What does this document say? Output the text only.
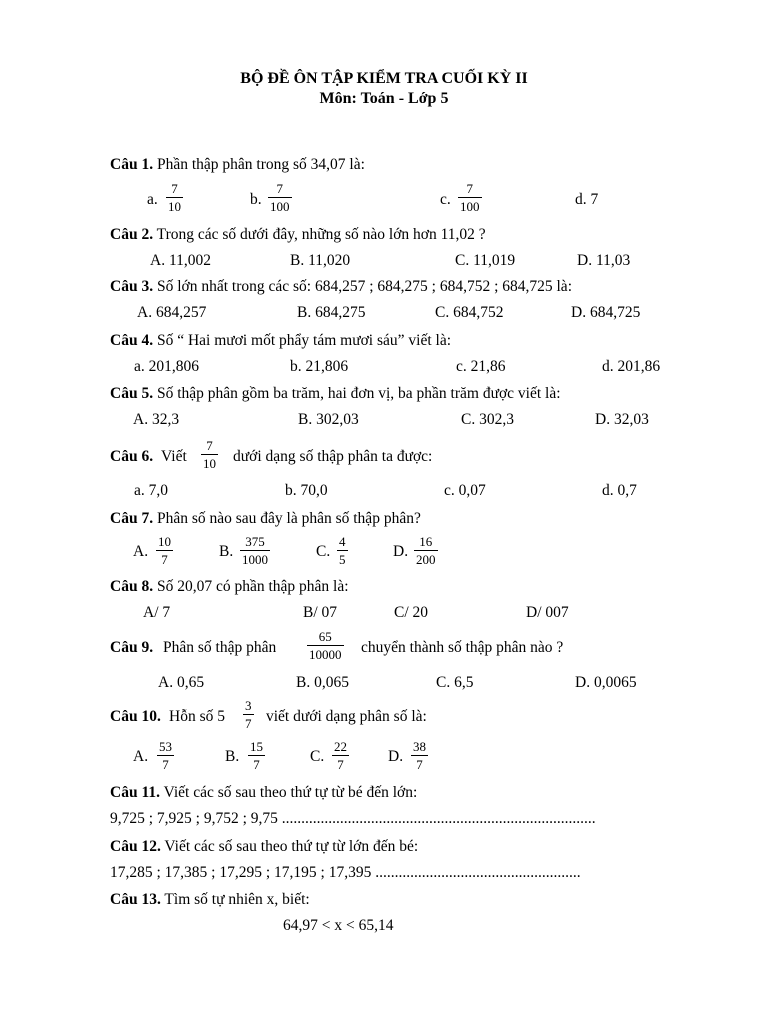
BỘ ĐỀ ÔN TẬP KIỂM TRA CUỐI KỲ II
Môn: Toán - Lớp 5
Câu 1. Phần thập phân trong số 34,07 là:
a.
7
10	b.
7
100	c.
7
100	d. 7
Câu 2. Trong các số dưới đây, những số nào lớn hơn 11,02 ?
A. 11,002	B. 11,020	C. 11,019	D. 11,03
Câu 3. Số lớn nhất trong các số: 684,257 ; 684,275 ; 684,752 ; 684,725 là:
A. 684,257	B. 684,275	C. 684,752	D. 684,725
Câu 4. Số “ Hai mươi mốt phẩy tám mươi sáu” viết là:
a. 201,806	b. 21,806	c. 21,86	d. 201,86
Câu 5. Số thập phân gồm ba trăm, hai đơn vị, ba phần trăm được viết là:
A. 32,3	B. 302,03	C. 302,3	D. 32,03
Câu 6. Viết
7
10 dưới dạng số thập phân ta được:
a. 7,0	b. 70,0	c. 0,07	d. 0,7
Câu 7. Phân số nào sau đây là phân số thập phân?
A.
10
7	B.
375
1000	C.
4
5	D.
16
200
Câu 8. Số 20,07 có phần thập phân là:
A/ 7	B/ 07	C/ 20	D/ 007
Câu 9. Phân số thập phân
65
10000 chuyển thành số thập phân nào ?
A. 0,65	B. 0,065	C. 6,5	D. 0,0065
Câu 10. Hỗn số 5
3
7 viết dưới dạng phân số là:
A.
53
7	B.
15
7	C.
22
7	D.
38
7
Câu 11. Viết các số sau theo thứ tự từ bé đến lớn:
9,725 ; 7,925 ; 9,752 ; 9,75 .................................................................................
Câu 12. Viết các số sau theo thứ tự từ lớn đến bé:
17,285 ; 17,385 ; 17,295 ; 17,195 ; 17,395 .....................................................
Câu 13. Tìm số tự nhiên x, biết:
64,97 < x < 65,14
